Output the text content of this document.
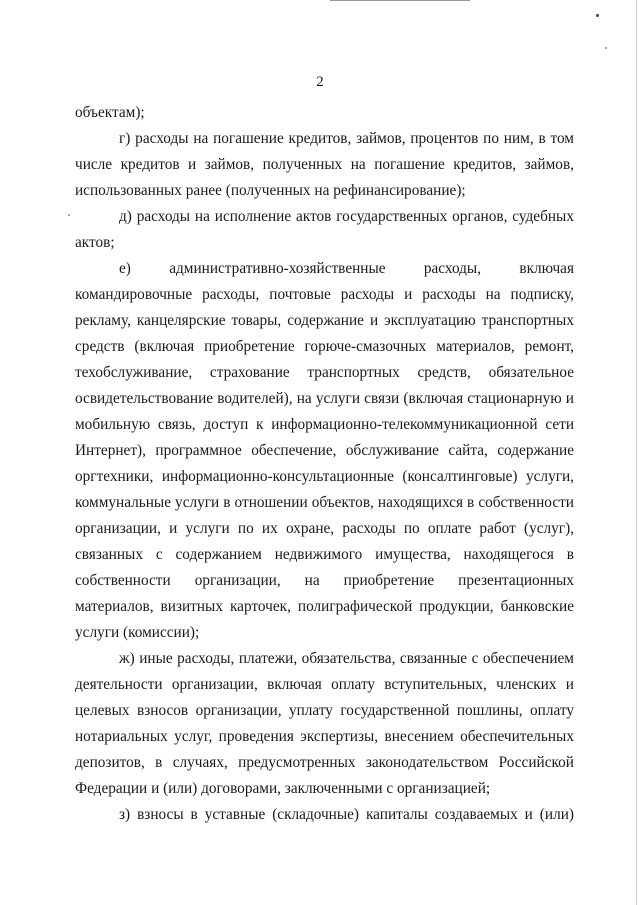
2

объектам);

г) расходы на погашение кредитов, займов, процентов по ним, в том числе кредитов и займов, полученных на погашение кредитов, займов, использованных ранее (полученных на рефинансирование);

д) расходы на исполнение актов государственных органов, судебных актов;

е) административно-хозяйственные расходы, включая командировочные расходы, почтовые расходы и расходы на подписку, рекламу, канцелярские товары, содержание и эксплуатацию транспортных средств (включая приобретение горюче-смазочных материалов, ремонт, техобслуживание, страхование транспортных средств, обязательное освидетельствование водителей), на услуги связи (включая стационарную и мобильную связь, доступ к информационно-телекоммуникационной сети Интернет), программное обеспечение, обслуживание сайта, содержание оргтехники, информационно-консультационные (консалтинговые) услуги, коммунальные услуги в отношении объектов, находящихся в собственности организации, и услуги по их охране, расходы по оплате работ (услуг), связанных с содержанием недвижимого имущества, находящегося в собственности организации, на приобретение презентационных материалов, визитных карточек, полиграфической продукции, банковские услуги (комиссии);

ж) иные расходы, платежи, обязательства, связанные с обеспечением деятельности организации, включая оплату вступительных, членских и целевых взносов организации, уплату государственной пошлины, оплату нотариальных услуг, проведения экспертизы, внесением обеспечительных депозитов, в случаях, предусмотренных законодательством Российской Федерации и (или) договорами, заключенными с организацией;

з) взносы в уставные (складочные) капиталы создаваемых и (или)
